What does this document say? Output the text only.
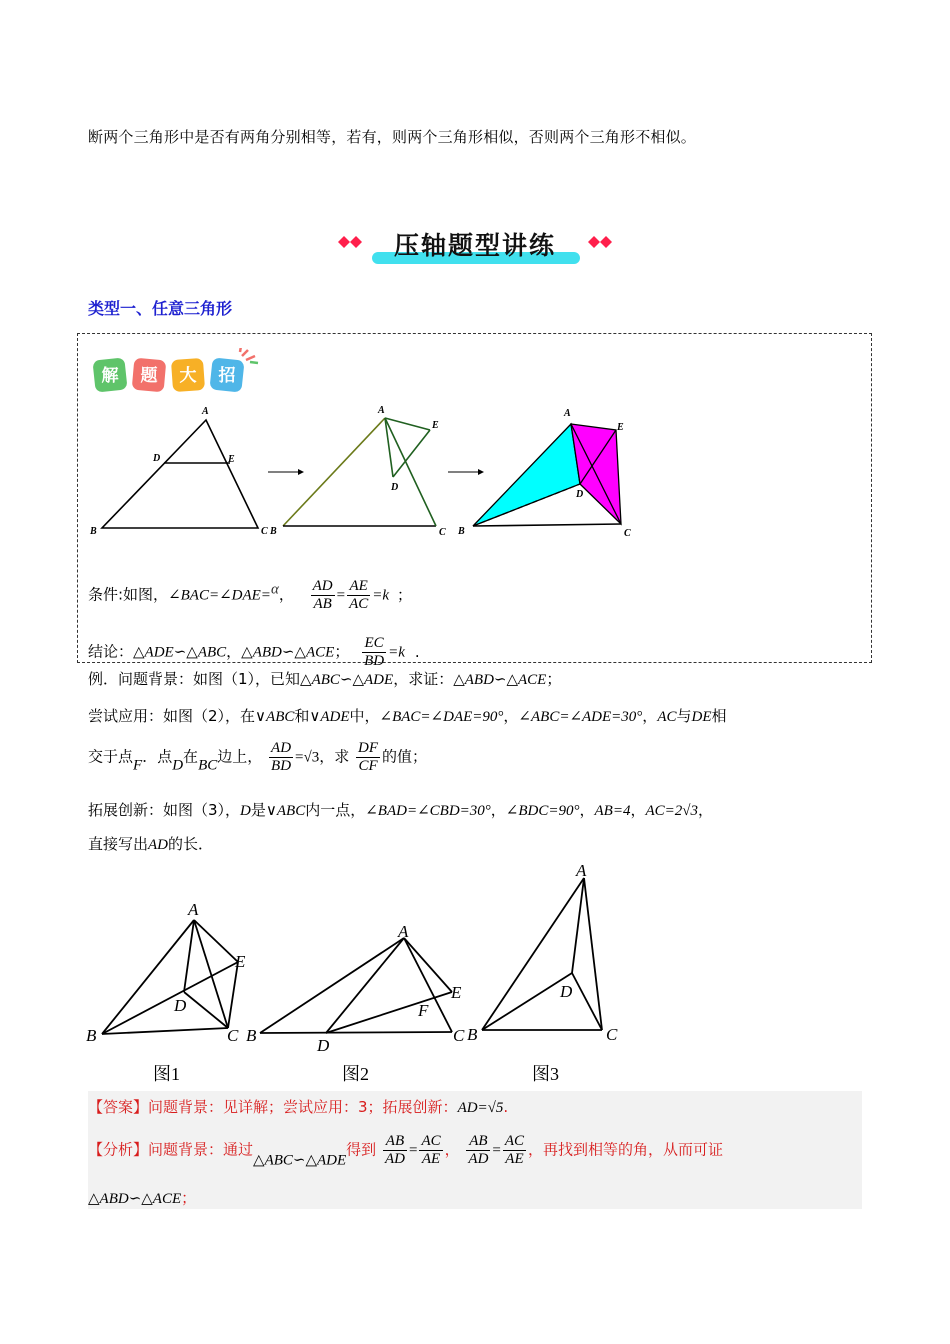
断两个三角形中是否有两角分别相等，若有，则两个三角形相似，否则两个三角形不相似。
压轴题型讲练
类型一、任意三角形
解 题 大 招
A
D	E
B	C
A
E
D
B	C
A
E
D
B	C
条件:如图，∠BAC=∠DAE=α， $\frac{AD}{AB} = \frac{AE}{AC} =k$ ；
结论：△ADE∽△ABC，△ABD∽△ACE； $\frac{EC}{BD} =k$ .
例．问题背景：如图（1），已知△ABC∽△ADE，求证：△ABD∽△ACE；
尝试应用：如图（2），在∨ABC和∨ADE中，∠BAC=∠DAE=90°，∠ABC=∠ADE=30°，AC与DE相
交于点F．点D在BC边上， $\frac{AD}{BD} =√3$，求 $\frac{DF}{CF}$ 的值；
拓展创新：如图（3），D是∨ABC内一点，∠BAD=∠CBD=30°，∠BDC=90°，AB=4，AC=2√3，
直接写出AD的长．
A
E
D
B	C
A
E
F
B
D
C
A
D
B	C
图1	图2	图3
【答案】问题背景：见详解；尝试应用：3；拓展创新：AD=√5.
【分析】问题背景：通过△ABC∽△ADE得到 $\frac{AB}{AD} = \frac{AC}{AE}$ ， $\frac{AB}{AD} = \frac{AC}{AE}$ ，再找到相等的角，从而可证
△ABD∽△ACE；
